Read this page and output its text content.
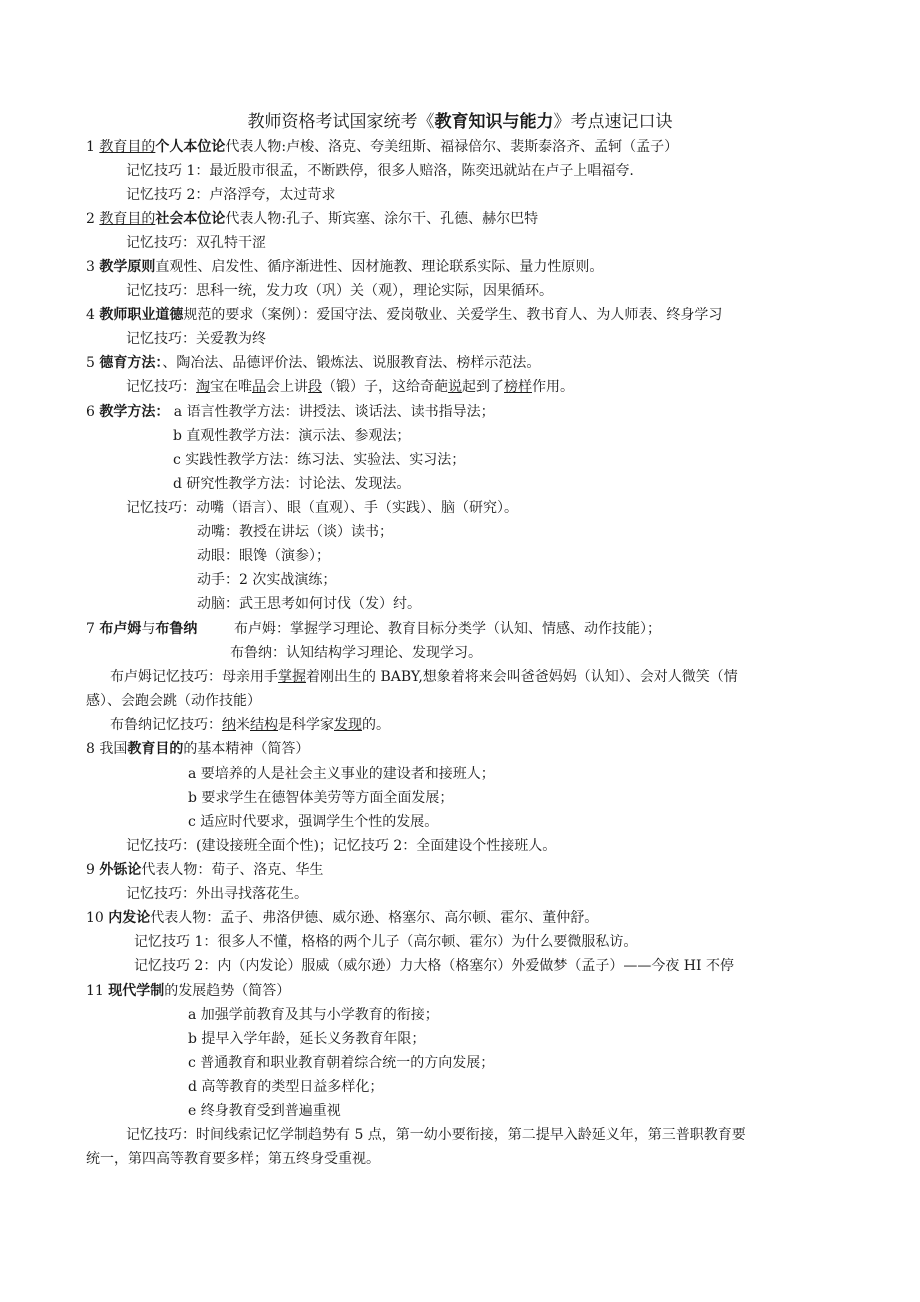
教师资格考试国家统考《教育知识与能力》考点速记口诀
1 教育目的个人本位论代表人物:卢梭、洛克、夸美纽斯、福禄倍尔、裴斯泰洛齐、孟轲（孟子）
记忆技巧 1：最近股市很孟，不断跌停，很多人赔洛，陈奕迅就站在卢子上唱福夸.
记忆技巧 2：卢洛浮夸，太过苛求
2 教育目的社会本位论代表人物:孔子、斯宾塞、涂尔干、孔德、赫尔巴特
记忆技巧：双孔特干涩
3 教学原则直观性、启发性、循序渐进性、因材施教、理论联系实际、量力性原则。
记忆技巧：思科一统，发力攻（巩）关（观），理论实际，因果循环。
4 教师职业道德规范的要求（案例）：爱国守法、爱岗敬业、关爱学生、教书育人、为人师表、终身学习
记忆技巧：关爱教为终
5 德育方法：、陶冶法、品德评价法、锻炼法、说服教育法、榜样示范法。
记忆技巧：淘宝在唯品会上讲段（锻）子，这给奇葩说起到了榜样作用。
6 教学方法： a 语言性教学方法：讲授法、谈话法、读书指导法；
b 直观性教学方法：演示法、参观法；
c 实践性教学方法：练习法、实验法、实习法；
d 研究性教学方法：讨论法、发现法。
记忆技巧：动嘴（语言）、眼（直观）、手（实践）、脑（研究）。
动嘴：教授在讲坛（谈）读书；
动眼：眼馋（演参）；
动手：2 次实战演练；
动脑：武王思考如何讨伐（发）纣。
7 布卢姆与布鲁纳	布卢姆：掌握学习理论、教育目标分类学（认知、情感、动作技能）；
布鲁纳：认知结构学习理论、发现学习。
布卢姆记忆技巧：母亲用手掌握着刚出生的 BABY,想象着将来会叫爸爸妈妈（认知）、会对人微笑（情
感）、会跑会跳（动作技能）
布鲁纳记忆技巧：纳米结构是科学家发现的。
8 我国教育目的的基本精神（简答）
a 要培养的人是社会主义事业的建设者和接班人；
b 要求学生在德智体美劳等方面全面发展；
c 适应时代要求，强调学生个性的发展。
记忆技巧：(建设接班全面个性)；记忆技巧 2：全面建设个性接班人。
9 外铄论代表人物：荀子、洛克、华生
记忆技巧：外出寻找落花生。
10 内发论代表人物：孟子、弗洛伊德、威尔逊、格塞尔、高尔顿、霍尔、董仲舒。
记忆技巧 1：很多人不懂，格格的两个儿子（高尔顿、霍尔）为什么要微服私访。
记忆技巧 2：内（内发论）服威（威尔逊）力大格（格塞尔）外爱做梦（孟子）——今夜 HI 不停
11 现代学制的发展趋势（简答）
a 加强学前教育及其与小学教育的衔接；
b 提早入学年龄，延长义务教育年限；
c 普通教育和职业教育朝着综合统一的方向发展；
d 高等教育的类型日益多样化；
e 终身教育受到普遍重视
记忆技巧：时间线索记忆学制趋势有 5 点，第一幼小要衔接，第二提早入龄延义年，第三普职教育要
统一，第四高等教育要多样；第五终身受重视。
